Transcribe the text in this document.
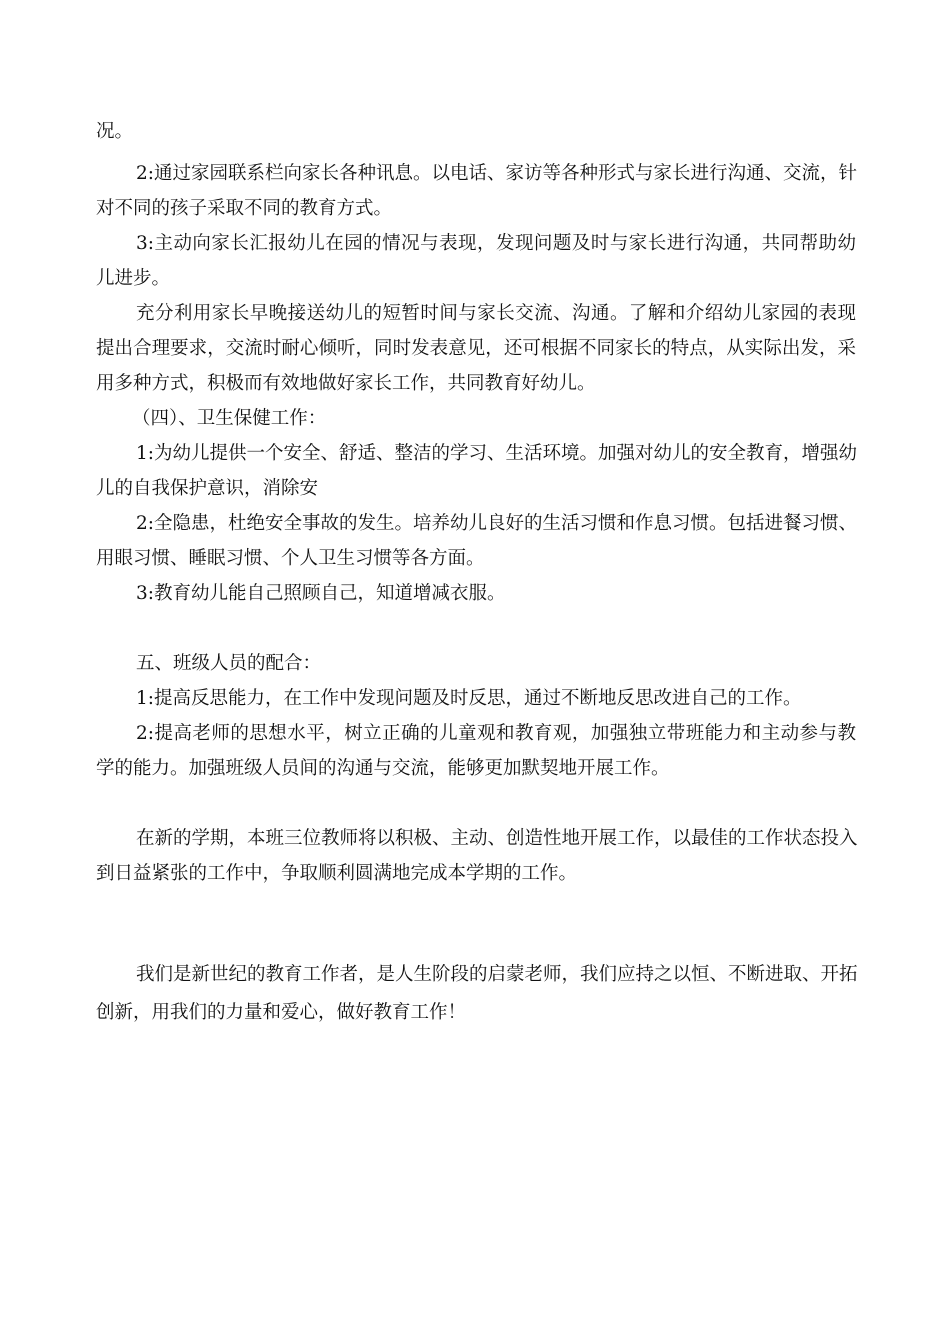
况。
2:通过家园联系栏向家长各种讯息。以电话、家访等各种形式与家长进行沟通、交流，针
对不同的孩子采取不同的教育方式。
3:主动向家长汇报幼儿在园的情况与表现，发现问题及时与家长进行沟通，共同帮助幼
儿进步。
充分利用家长早晚接送幼儿的短暂时间与家长交流、沟通。了解和介绍幼儿家园的表现
提出合理要求，交流时耐心倾听，同时发表意见，还可根据不同家长的特点，从实际出发，采
用多种方式，积极而有效地做好家长工作，共同教育好幼儿。
（四）、卫生保健工作：
1:为幼儿提供一个安全、舒适、整洁的学习、生活环境。加强对幼儿的安全教育，增强幼
儿的自我保护意识，消除安
2:全隐患，杜绝安全事故的发生。培养幼儿良好的生活习惯和作息习惯。包括进餐习惯、
用眼习惯、睡眠习惯、个人卫生习惯等各方面。
3:教育幼儿能自己照顾自己，知道增减衣服。
五、班级人员的配合：
1:提高反思能力，在工作中发现问题及时反思，通过不断地反思改进自己的工作。
2:提高老师的思想水平，树立正确的儿童观和教育观，加强独立带班能力和主动参与教
学的能力。加强班级人员间的沟通与交流，能够更加默契地开展工作。
在新的学期，本班三位教师将以积极、主动、创造性地开展工作，以最佳的工作状态投入
到日益紧张的工作中，争取顺利圆满地完成本学期的工作。
我们是新世纪的教育工作者，是人生阶段的启蒙老师，我们应持之以恒、不断进取、开拓
创新，用我们的力量和爱心，做好教育工作！
